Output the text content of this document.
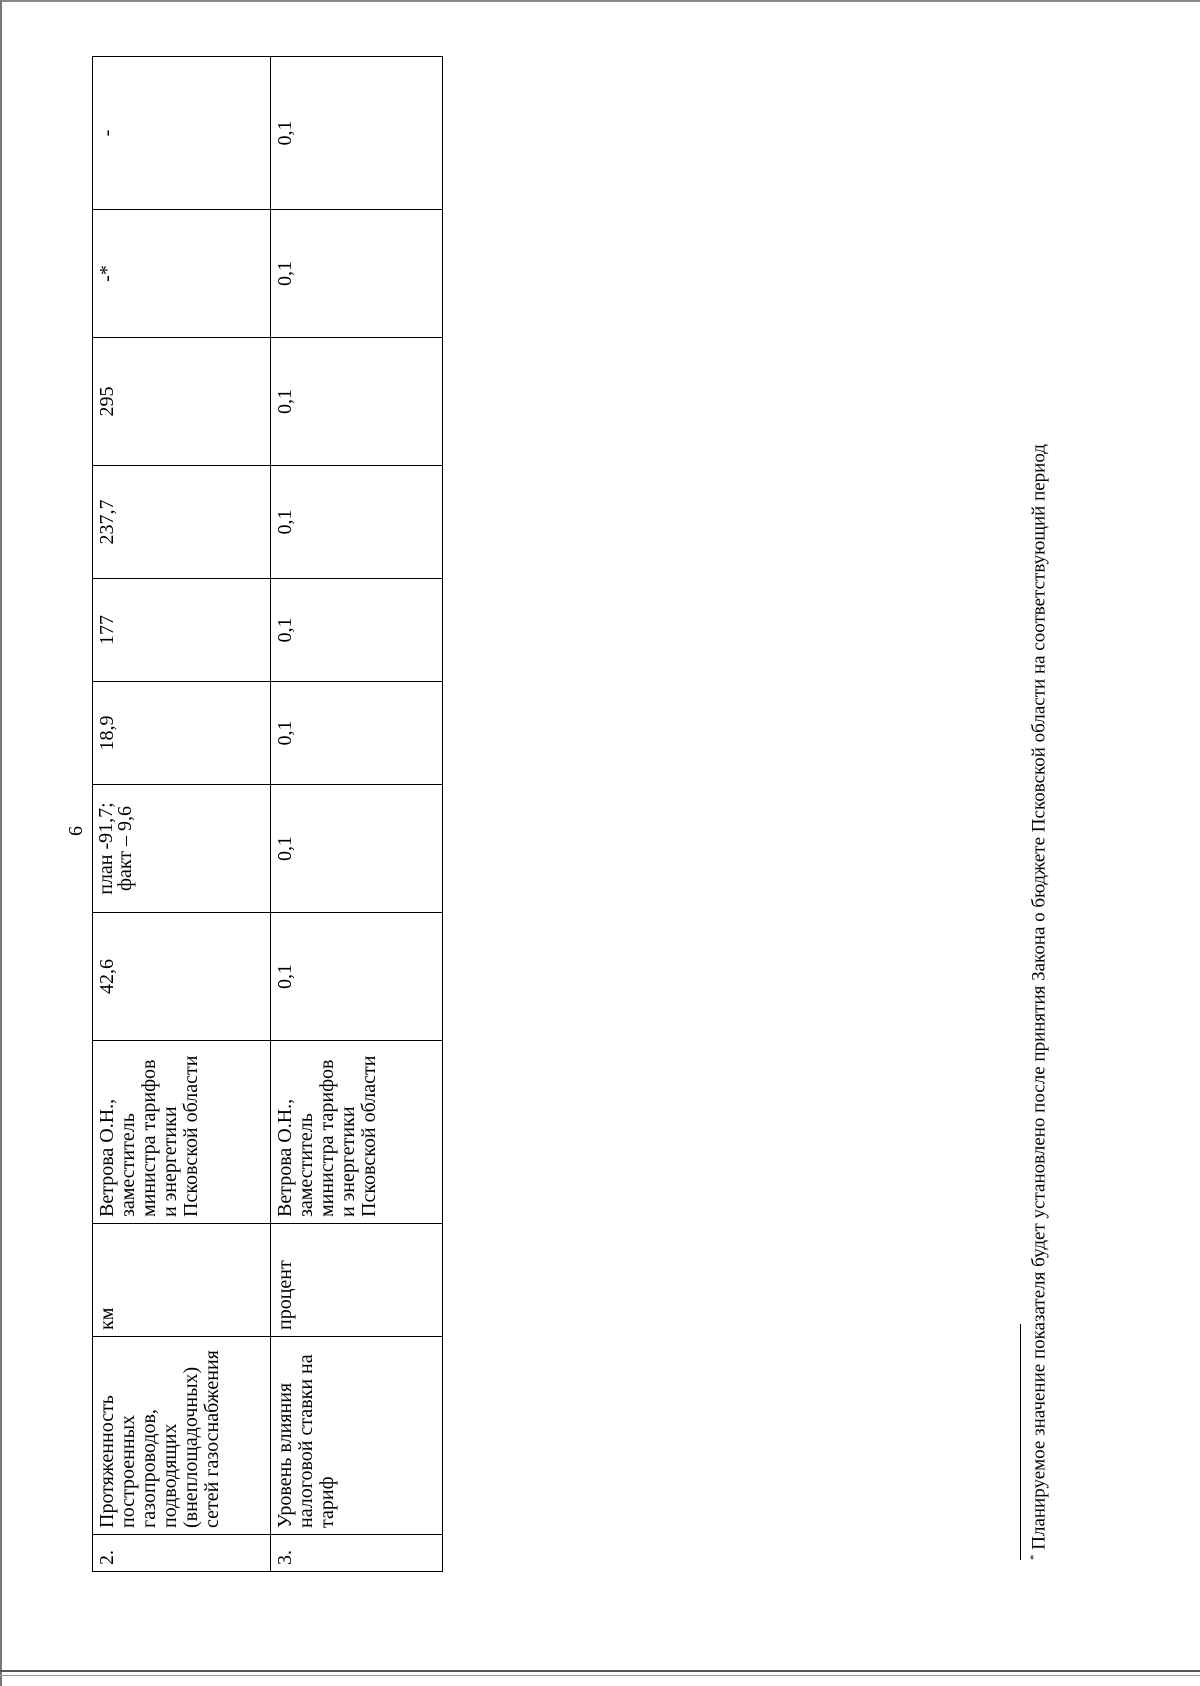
6
2.	Протяженность построенных газопроводов, подводящих (внеплощадочных) сетей газоснабжения	км	Ветрова О.Н., заместитель министра тарифов и энергетики Псковской области	42,6	план -91,7; факт – 9,6	18,9	177	237,7	295	-*	-
3.	Уровень влияния налоговой ставки на тариф	процент	Ветрова О.Н., заместитель министра тарифов и энергетики Псковской области	0,1	0,1	0,1	0,1	0,1	0,1	0,1	0,1
* Планируемое значение показателя будет установлено после принятия Закона о бюджете Псковской области на соответствующий период
